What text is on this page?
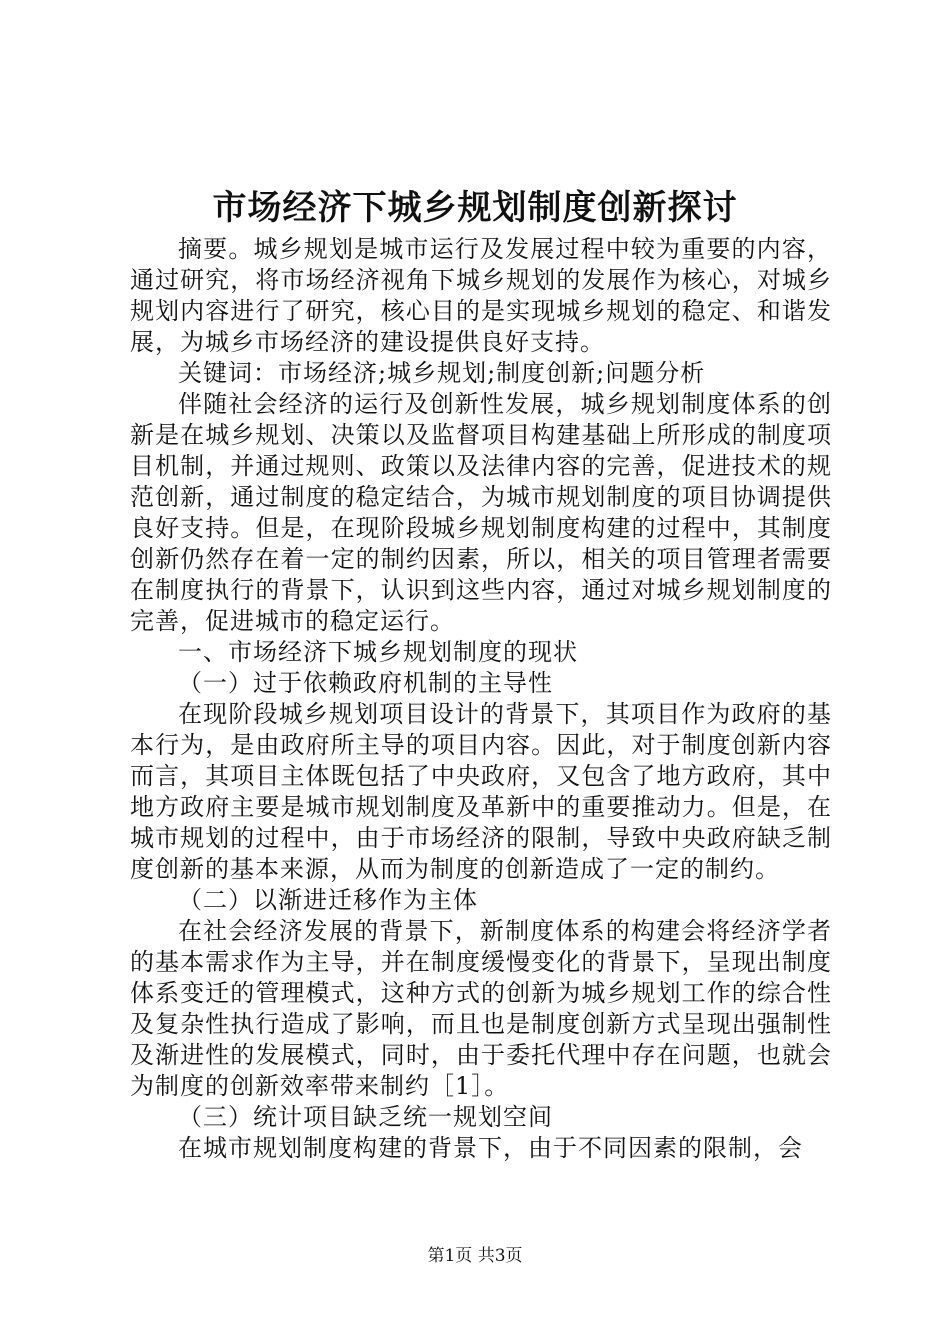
市场经济下城乡规划制度创新探讨

摘要。城乡规划是城市运行及发展过程中较为重要的内容，通过研究，将市场经济视角下城乡规划的发展作为核心，对城乡规划内容进行了研究，核心目的是实现城乡规划的稳定、和谐发展，为城乡市场经济的建设提供良好支持。

关键词：市场经济;城乡规划;制度创新;问题分析

伴随社会经济的运行及创新性发展，城乡规划制度体系的创新是在城乡规划、决策以及监督项目构建基础上所形成的制度项目机制，并通过规则、政策以及法律内容的完善，促进技术的规范创新，通过制度的稳定结合，为城市规划制度的项目协调提供良好支持。但是，在现阶段城乡规划制度构建的过程中，其制度创新仍然存在着一定的制约因素，所以，相关的项目管理者需要在制度执行的背景下，认识到这些内容，通过对城乡规划制度的完善，促进城市的稳定运行。

一、市场经济下城乡规划制度的现状

（一）过于依赖政府机制的主导性

在现阶段城乡规划项目设计的背景下，其项目作为政府的基本行为，是由政府所主导的项目内容。因此，对于制度创新内容而言，其项目主体既包括了中央政府，又包含了地方政府，其中地方政府主要是城市规划制度及革新中的重要推动力。但是，在城市规划的过程中，由于市场经济的限制，导致中央政府缺乏制度创新的基本来源，从而为制度的创新造成了一定的制约。

（二）以渐进迁移作为主体

在社会经济发展的背景下，新制度体系的构建会将经济学者的基本需求作为主导，并在制度缓慢变化的背景下，呈现出制度体系变迁的管理模式，这种方式的创新为城乡规划工作的综合性及复杂性执行造成了影响，而且也是制度创新方式呈现出强制性及渐进性的发展模式，同时，由于委托代理中存在问题，也就会为制度的创新效率带来制约［1］。

（三）统计项目缺乏统一规划空间

在城市规划制度构建的背景下，由于不同因素的限制，会

第1页 共3页
